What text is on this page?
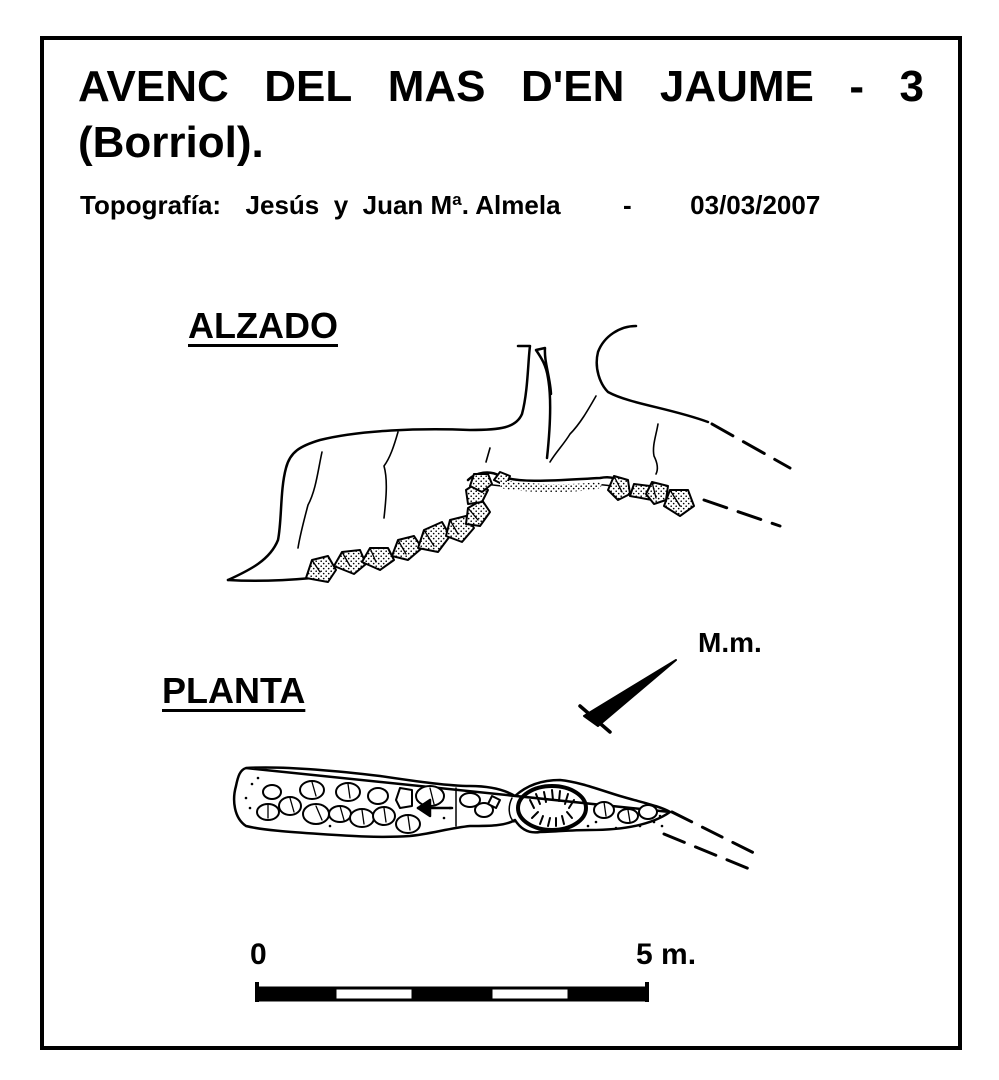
AVENC DEL MAS D'EN JAUME - 3
(Borriol).
Topografía: Jesús  y  Juan Mª. Almela - 03/03/2007
ALZADO
PLANTA
M.m.
0	5 m.
